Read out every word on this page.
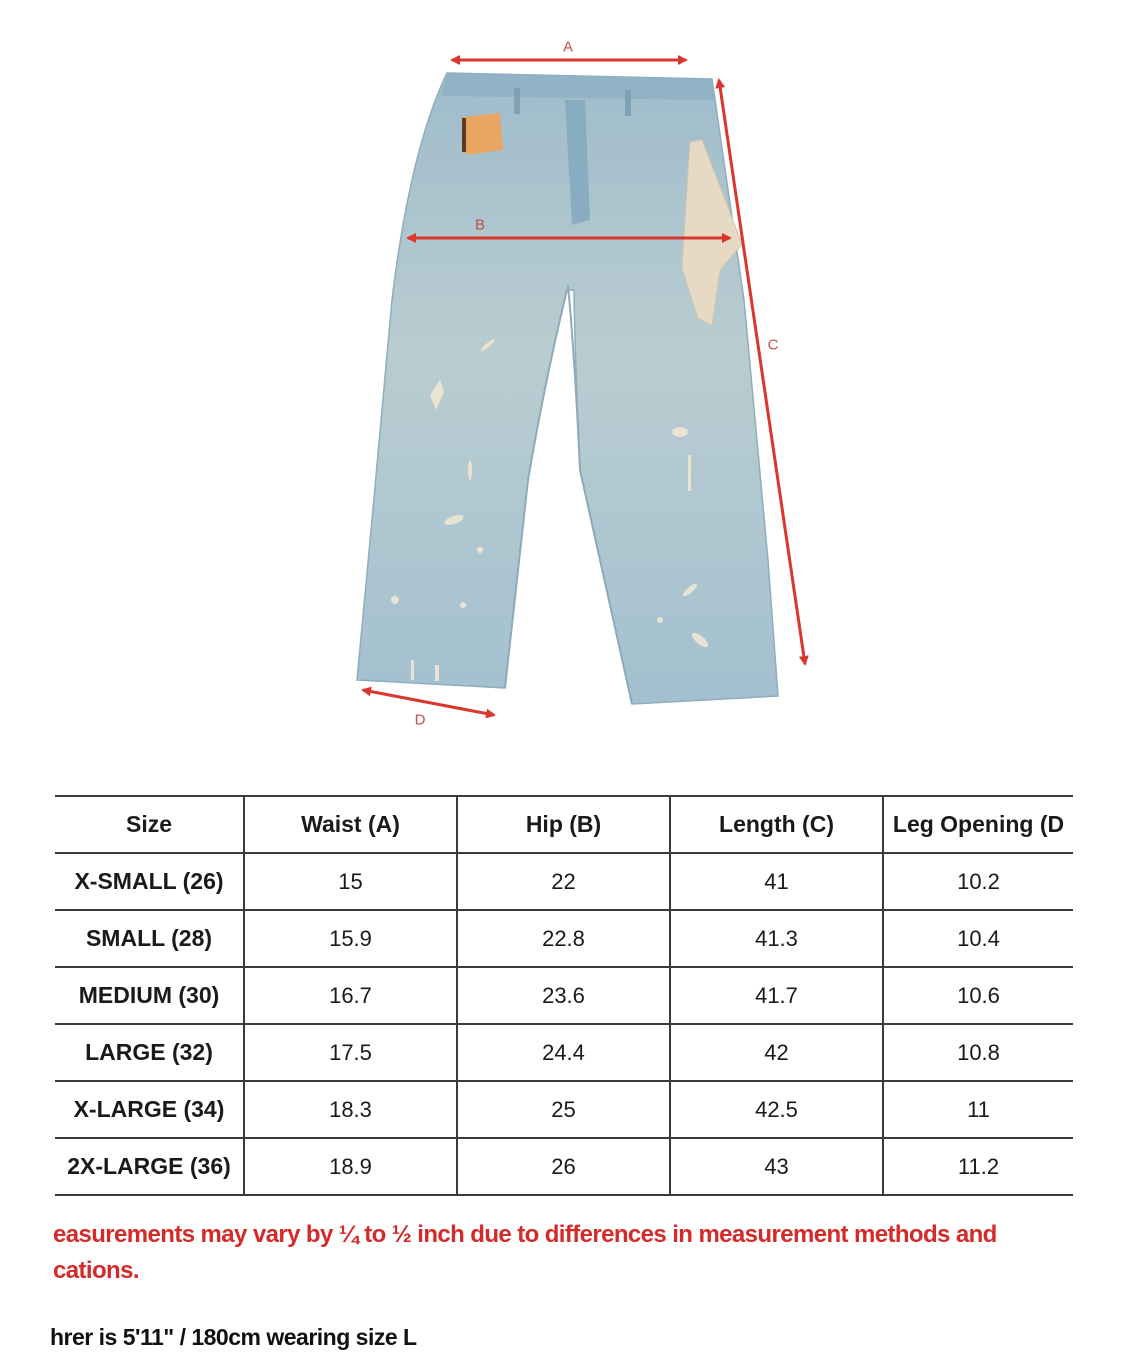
A
B
C
D
Size	Waist (A)	Hip (B)	Length (C)	Leg Opening (D
X-SMALL (26)	15	22	41	10.2
SMALL (28)	15.9	22.8	41.3	10.4
MEDIUM (30)	16.7	23.6	41.7	10.6
LARGE (32)	17.5	24.4	42	10.8
X-LARGE (34)	18.3	25	42.5	11
2X-LARGE (36)	18.9	26	43	11.2
easurements may vary by ¼ to ½ inch due to differences in measurement methods and
cations.
hrer is 5'11" / 180cm wearing size L
